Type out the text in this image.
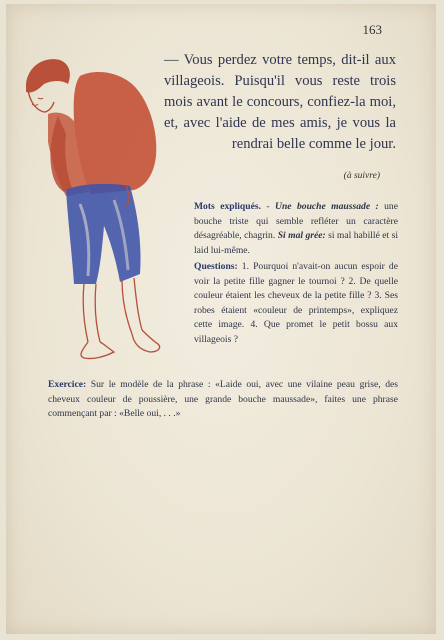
163
— Vous perdez votre temps, dit-il aux villageois. Puisqu'il vous reste trois mois avant le concours, confiez-la moi, et, avec l'aide de mes amis, je vous la rendrai belle comme le jour.
(à suivre)
Mots expliqués. - Une bouche maussade : une bouche triste qui semble refléter un caractère désagréable, chagrin. Si mal grée: si mal habillé et si laid lui-même.
Questions: 1. Pourquoi n'avait-on aucun espoir de voir la petite fille gagner le tournoi ? 2. De quelle couleur étaient les cheveux de la petite fille ? 3. Ses robes étaient «couleur de printemps», expliquez cette image. 4. Que promet le petit bossu aux villageois ?
Exercice: Sur le modèle de la phrase : «Laide oui, avec une vilaine peau grise, des cheveux couleur de poussière, une grande bouche maussade», faites une phrase commençant par : «Belle oui, . . .»
